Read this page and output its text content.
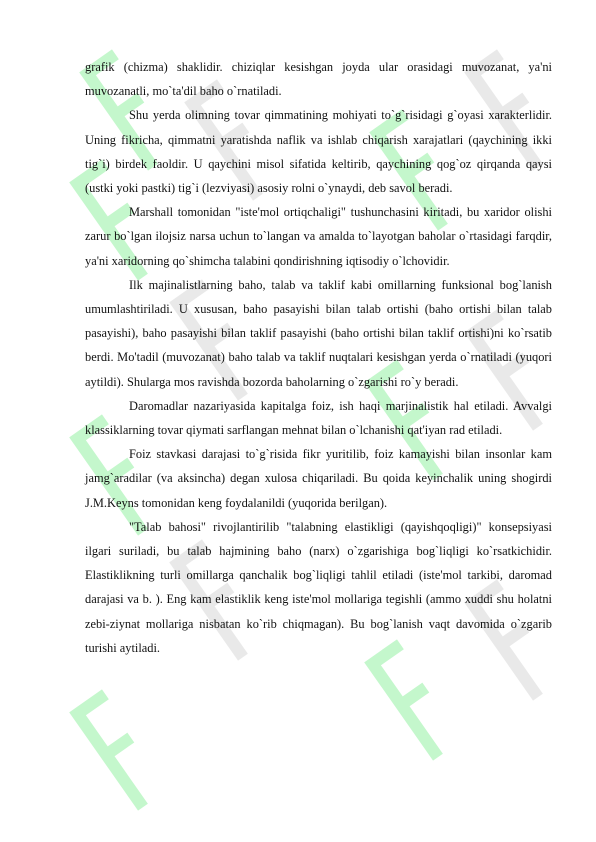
grafik (chizma) shaklidir. chiziqlar kesishgan joyda ular orasidagi muvozanat, ya'ni muvozanatli, mo`ta'dil baho o`rnatiladi.

Shu yerda olimning tovar qimmatining mohiyati to`g`risidagi g`oyasi xarakterlidir. Uning fikricha, qimmatni yaratishda naflik va ishlab chiqarish xarajatlari (qaychining ikki tig`i) birdek faoldir. U qaychini misol sifatida keltirib, qaychining qog`oz qirqanda qaysi (ustki yoki pastki) tig`i (lezviyasi) asosiy rolni o`ynaydi, deb savol beradi.

Marshall tomonidan "iste'mol ortiqchaligi" tushunchasini kiritadi, bu xaridor olishi zarur bo`lgan ilojsiz narsa uchun to`langan va amalda to`layotgan baholar o`rtasidagi farqdir, ya'ni xaridorning qo`shimcha talabini qondirishning iqtisodiy o`lchovidir.

Ilk majinalistlarning baho, talab va taklif kabi omillarning funksional bog`lanish umumlashtiriladi. U xususan, baho pasayishi bilan talab ortishi (baho ortishi bilan talab pasayishi), baho pasayishi bilan taklif pasayishi (baho ortishi bilan taklif ortishi)ni ko`rsatib berdi. Mo'tadil (muvozanat) baho talab va taklif nuqtalari kesishgan yerda o`rnatiladi (yuqori aytildi). Shularga mos ravishda bozorda baholarning o`zgarishi ro`y beradi.

Daromadlar nazariyasida kapitalga foiz, ish haqi marjinalistik hal etiladi. Avvalgi klassiklarning tovar qiymati sarflangan mehnat bilan o`lchanishi qat'iyan rad etiladi.

Foiz stavkasi darajasi to`g`risida fikr yuritilib, foiz kamayishi bilan insonlar kam jamg`aradilar (va aksincha) degan xulosa chiqariladi. Bu qoida keyinchalik uning shogirdi J.M.Keyns tomonidan keng foydalanildi (yuqorida berilgan).

"Talab bahosi" rivojlantirilib "talabning elastikligi (qayishqoqligi)" konsepsiyasi ilgari suriladi, bu talab hajmining baho (narx) o`zgarishiga bog`liqligi ko`rsatkichidir. Elastiklikning turli omillarga qanchalik bog`liqligi tahlil etiladi (iste'mol tarkibi, daromad darajasi va b. ). Eng kam elastiklik keng iste'mol mollariga tegishli (ammo xuddi shu holatni zebi-ziynat mollariga nisbatan ko`rib chiqmagan). Bu bog`lanish vaqt davomida o`zgarib turishi aytiladi.
